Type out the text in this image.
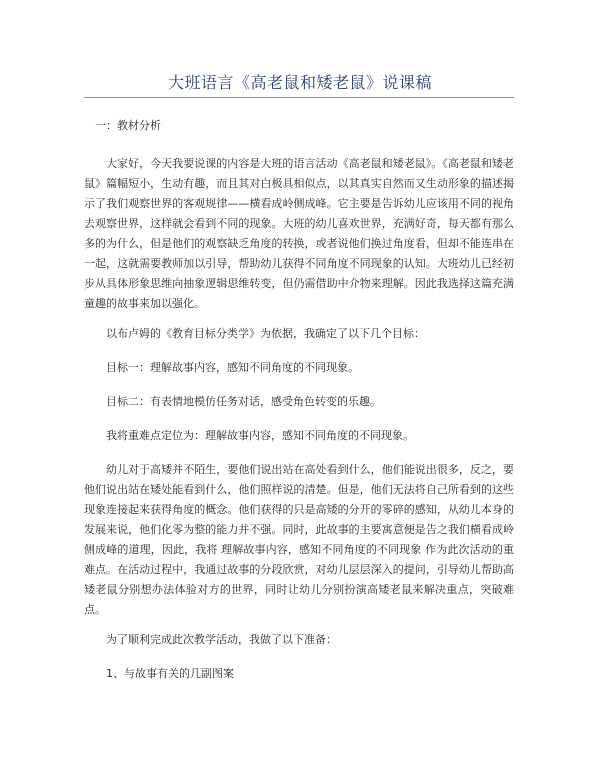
大班语言《高老鼠和矮老鼠》说课稿

一：教材分析

大家好，今天我要说课的内容是大班的语言活动《高老鼠和矮老鼠》。《高老鼠和矮老鼠》篇幅短小，生动有趣，而且其对白极具相似点，以其真实自然而又生动形象的描述揭示了我们观察世界的客观规律——横看成岭侧成峰。它主要是告诉幼儿应该用不同的视角去观察世界，这样就会看到不同的现象。大班的幼儿喜欢世界，充满好奇，每天都有那么多的为什么，但是他们的观察缺乏角度的转换，或者说他们换过角度看，但却不能连串在一起，这就需要教师加以引导，帮助幼儿获得不同角度不同现象的认知。大班幼儿已经初步从具体形象思维向抽象逻辑思维转变，但仍需借助中介物来理解。因此我选择这篇充满童趣的故事来加以强化。

以布卢姆的《教育目标分类学》为依据，我确定了以下几个目标：

目标一：理解故事内容，感知不同角度的不同现象。

目标二：有表情地模仿任务对话，感受角色转变的乐趣。

我将重难点定位为：理解故事内容，感知不同角度的不同现象。

幼儿对于高矮并不陌生，要他们说出站在高处看到什么，他们能说出很多，反之，要他们说出站在矮处能看到什么，他们照样说的清楚。但是，他们无法将自己所看到的这些现象连接起来获得角度的概念。他们获得的只是高矮的分开的零碎的感知，从幼儿本身的发展来说，他们化零为整的能力并不强。同时，此故事的主要寓意便是告之我们横看成岭侧成峰的道理，因此，我将 理解故事内容，感知不同角度的不同现象 作为此次活动的重难点。在活动过程中，我通过故事的分段欣赏，对幼儿层层深入的提问，引导幼儿帮助高矮老鼠分别想办法体验对方的世界，同时让幼儿分别扮演高矮老鼠来解决重点，突破难点。

为了顺利完成此次教学活动，我做了以下准备：

1、与故事有关的几副图案
